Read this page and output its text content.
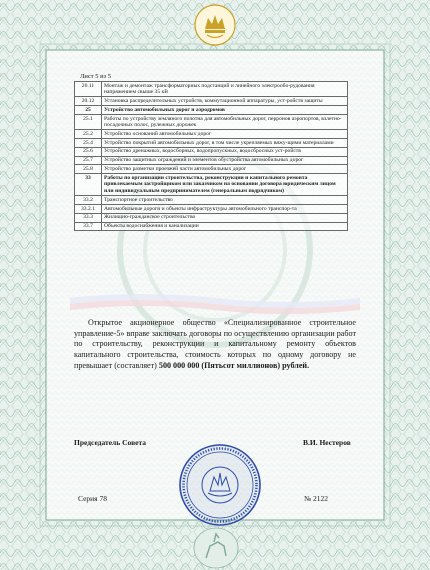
Лист 5 из 5
20.11	Монтаж и демонтаж трансформаторных подстанций и линейного электрообо-рудования напряжением свыше 35 кВ
20.12	Установка распределительных устройств, коммутационной аппаратуры, уст-ройств защиты
25	Устройство автомобильных дорог и аэродромов
25.1	Работы по устройству земляного полотна для автомобильных дорог, перронов аэропортов, взлетно-посадочных полос, рулежных дорожек
25.2	Устройство оснований автомобильных дорог
25.4	Устройство покрытий автомобильных дорог, в том числе укрепляемых вяжу-щими материалами
25.6	Устройство дренажных, водосборных, водопропускных, водосбросных уст-ройств
25.7	Устройство защитных ограждений и элементов обустройства автомобильных дорог
25.8	Устройство разметки проезжей части автомобильных дорог
33	Работы по организации строительства, реконструкции и капитального ремонта привлекаемым застройщиком или заказчиком на основании договора юридическим лицом или индивидуальным предпринимателем (генеральным подрядчиком)
33.2	Транспортное строительство
33.2.1	Автомобильные дороги и объекты инфраструктуры автомобильного транспор-та
33.3	Жилищно-гражданское строительство
33.7	Объекты водоснабжения и канализации
Открытое акционерное общество «Специализированное строительное управление-5» вправе заключать договоры по осуществлению организации работ по строительству, реконструкции и капитальному ремонту объектов капитального строительства, стоимость которых по одному договору не превышает (составляет) 500 000 000 (Пятьсот миллионов) рублей.
Председатель Совета	В.И. Нестеров
Серия 78	№ 2122
